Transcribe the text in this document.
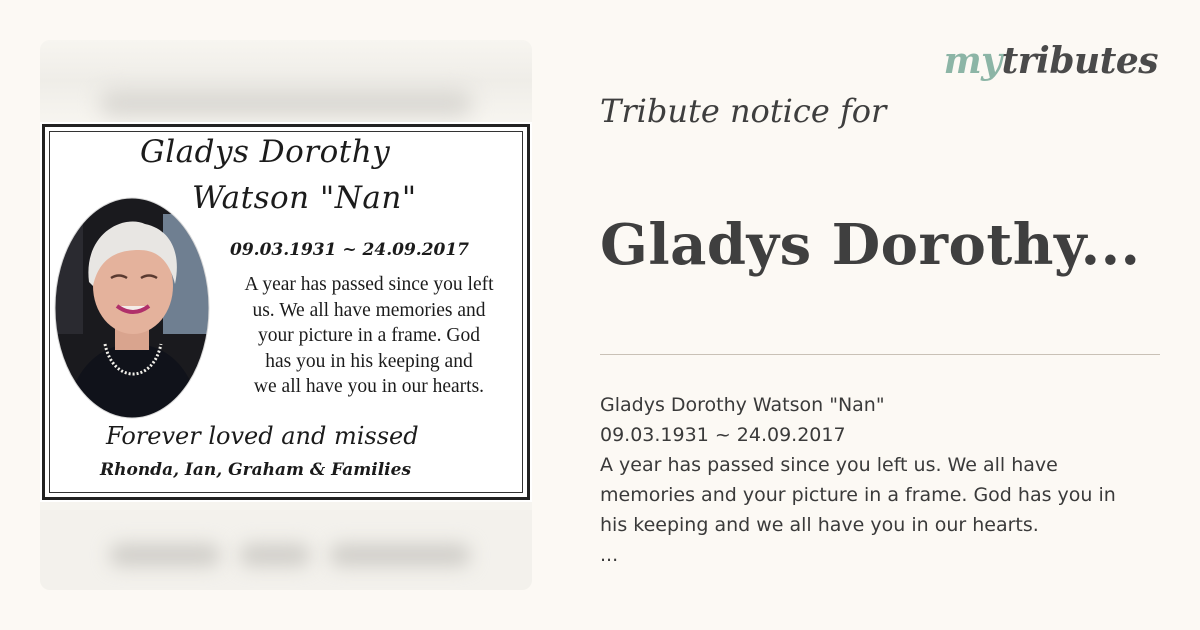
Gladys Dorothy
Watson "Nan"
09.03.1931 ~ 24.09.2017
A year has passed since you left
us. We all have memories and
your picture in a frame. God
has you in his keeping and
we all have you in our hearts.
Forever loved and missed
Rhonda, Ian, Graham & Families
mytributes
Tribute notice for
Gladys Dorothy...
Gladys Dorothy Watson "Nan"
09.03.1931 ~ 24.09.2017
A year has passed since you left us. We all have
memories and your picture in a frame. God has you in
his keeping and we all have you in our hearts.
...
